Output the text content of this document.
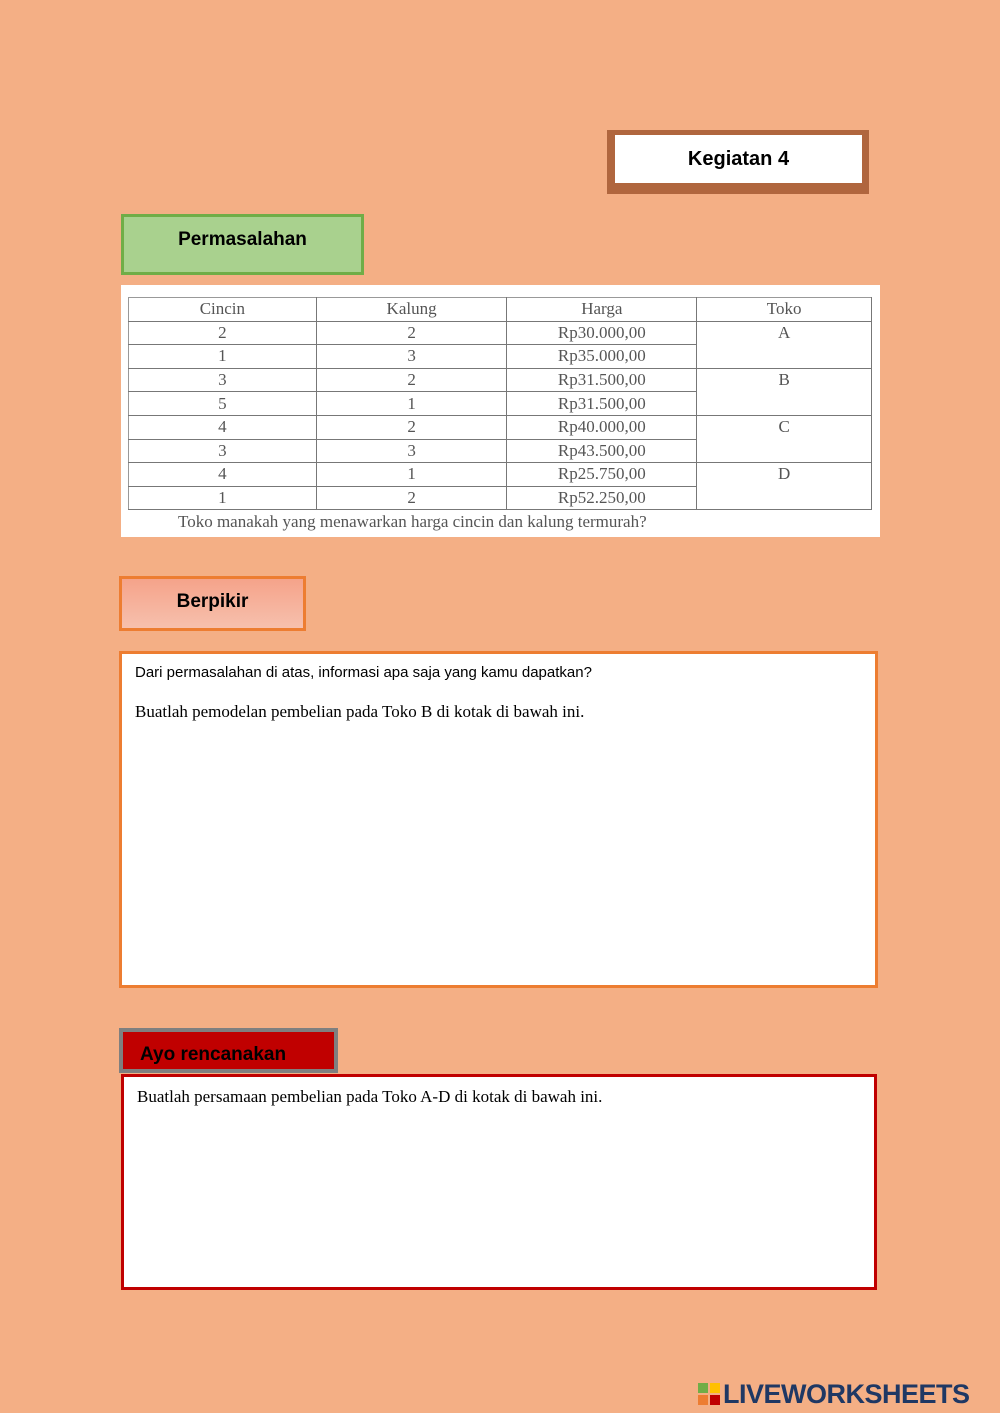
Kegiatan 4
Permasalahan
Cincin	Kalung	Harga	Toko
2	2	Rp30.000,00	A
1	3	Rp35.000,00	
3	2	Rp31.500,00	B
5	1	Rp31.500,00	
4	2	Rp40.000,00	C
3	3	Rp43.500,00	
4	1	Rp25.750,00	D
1	2	Rp52.250,00	
Toko manakah yang menawarkan harga cincin dan kalung termurah?
Berpikir
Dari permasalahan di atas, informasi apa saja yang kamu dapatkan?
Buatlah pemodelan pembelian pada Toko B di kotak di bawah ini.
Ayo rencanakan
Buatlah persamaan pembelian pada Toko A-D di kotak di bawah ini.
LIVEWORKSHEETS
